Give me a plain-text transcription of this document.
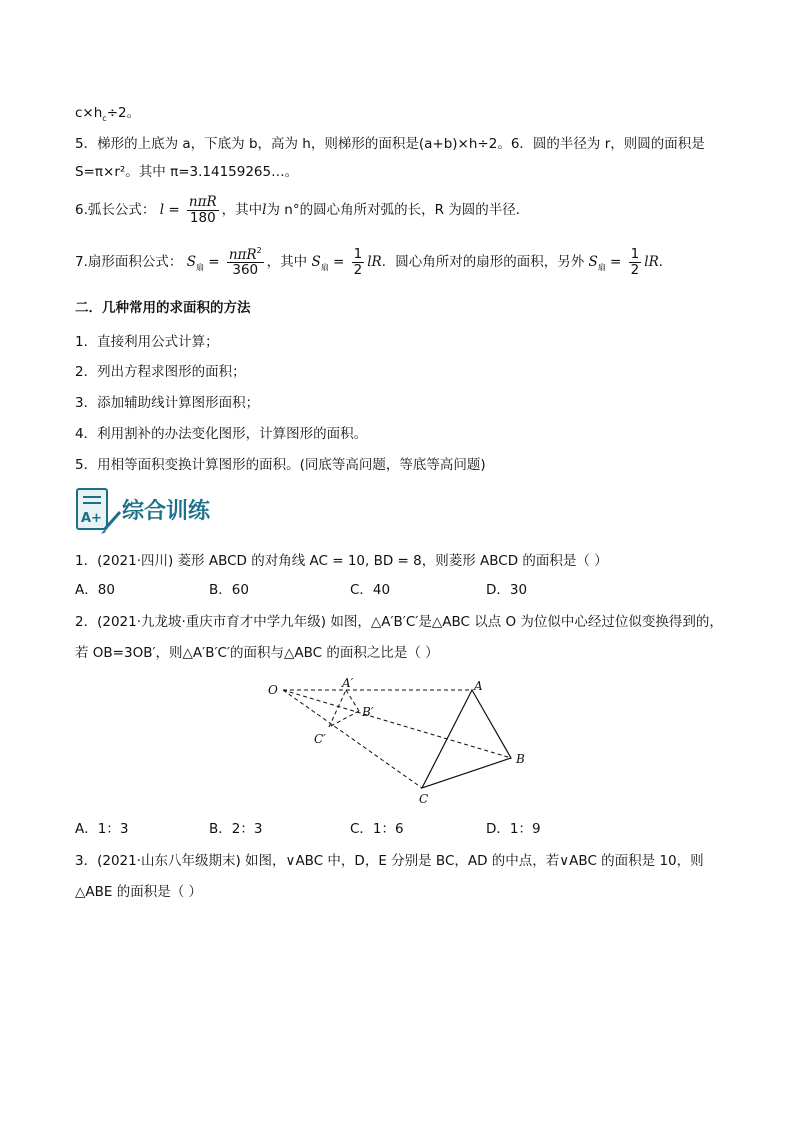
$c\times h_c\div 2$。
5．梯形的上底为 a，下底为 b，高为 h，则梯形的面积是(a+b)×h÷2。6．圆的半径为 r，则圆的面积是
S=π×r²。其中 π=3.14159265…。
6.弧长公式： $l = \frac{\text{nπR}}{180}$ ，其中l为 n°的圆心角所对弧的长，R 为圆的半径．
7.扇形面积公式： $S_扇 = \frac{n\pi R^2}{360}$ ，其中 $S_扇 = \frac{1}{2}$ lR．圆心角所对的扇形的面积，另外 $S_扇 = \frac{1}{2}$ lR．
二．几种常用的求面积的方法
1．直接利用公式计算；
2．列出方程求图形的面积；
3．添加辅助线计算图形面积；
4．利用割补的办法变化图形，计算图形的面积。
5．用相等面积变换计算图形的面积。(同底等高问题，等底等高问题)
A+ 综合训练
1．(2021·四川) 菱形 ABCD 的对角线 AC = 10, BD = 8，则菱形 ABCD 的面积是（ ）
A．80	B．60	C．40	D．30
2．(2021·九龙坡·重庆市育才中学九年级) 如图，△A′B′C′是△ABC 以点 O 为位似中心经过位似变换得到的，
若 OB=3OB′，则△A′B′C′的面积与△ABC 的面积之比是（ ）
O	A′
B′
C′
A
B
C
A．1：3	B．2：3	C．1：6	D．1：9
3．(2021·山东八年级期末) 如图，∨ABC 中，D，E 分别是 BC，AD 的中点，若∨ABC 的面积是 10，则
△ABE 的面积是（ ）
